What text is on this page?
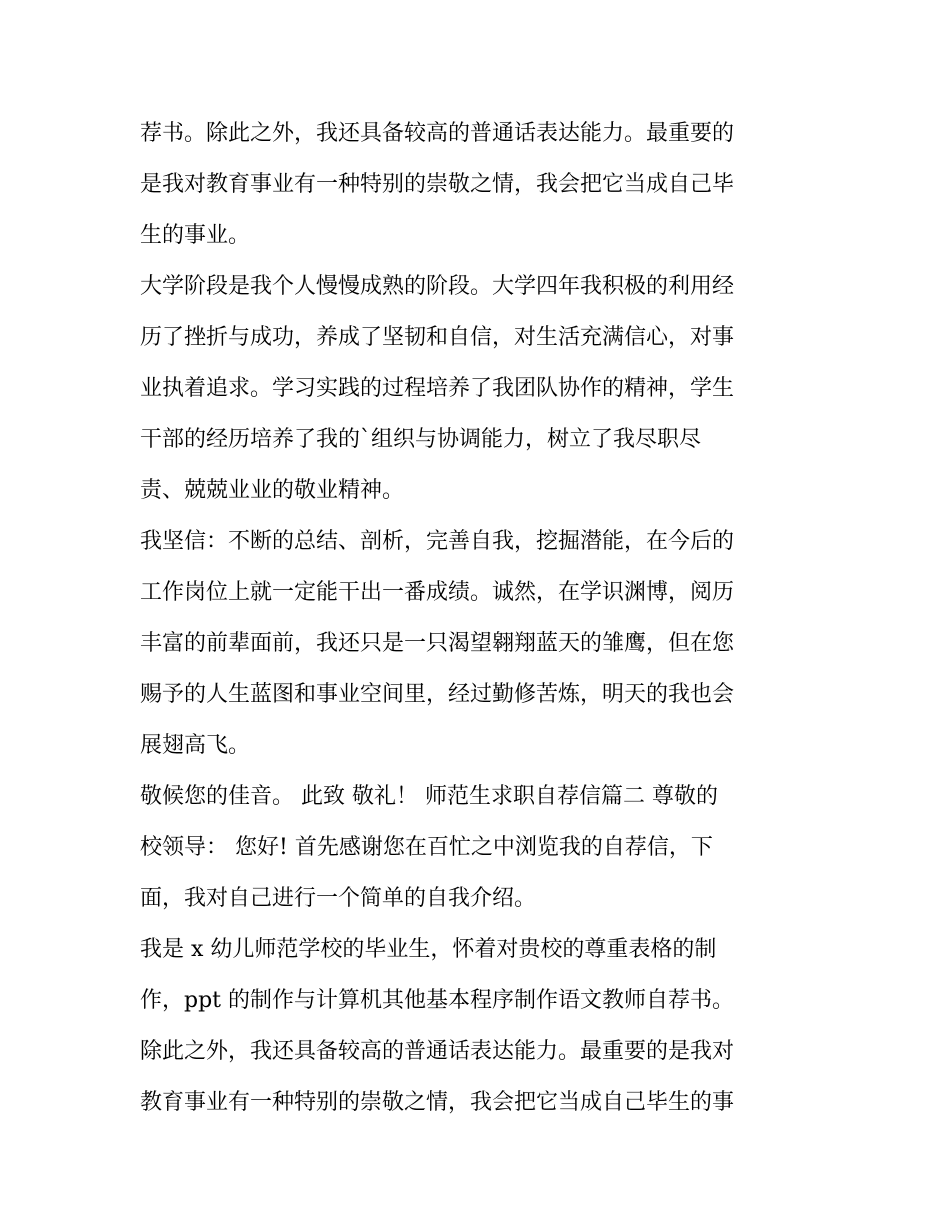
荐书。除此之外，我还具备较高的普通话表达能力。最重要的
是我对教育事业有一种特别的崇敬之情，我会把它当成自己毕
生的事业。
大学阶段是我个人慢慢成熟的阶段。大学四年我积极的利用经
历了挫折与成功，养成了坚韧和自信，对生活充满信心，对事
业执着追求。学习实践的过程培养了我团队协作的精神，学生
干部的经历培养了我的`组织与协调能力，树立了我尽职尽
责、兢兢业业的敬业精神。
我坚信：不断的总结、剖析，完善自我，挖掘潜能，在今后的
工作岗位上就一定能干出一番成绩。诚然，在学识渊博，阅历
丰富的前辈面前，我还只是一只渴望翱翔蓝天的雏鹰，但在您
赐予的人生蓝图和事业空间里，经过勤修苦炼，明天的我也会
展翅高飞。
敬候您的佳音。 此致 敬礼！ 师范生求职自荐信篇二 尊敬的
校领导： 您好! 首先感谢您在百忙之中浏览我的自荐信，下
面，我对自己进行一个简单的自我介绍。
我是 x 幼儿师范学校的毕业生，怀着对贵校的尊重表格的制
作，ppt 的制作与计算机其他基本程序制作语文教师自荐书。
除此之外，我还具备较高的普通话表达能力。最重要的是我对
教育事业有一种特别的崇敬之情，我会把它当成自己毕生的事
